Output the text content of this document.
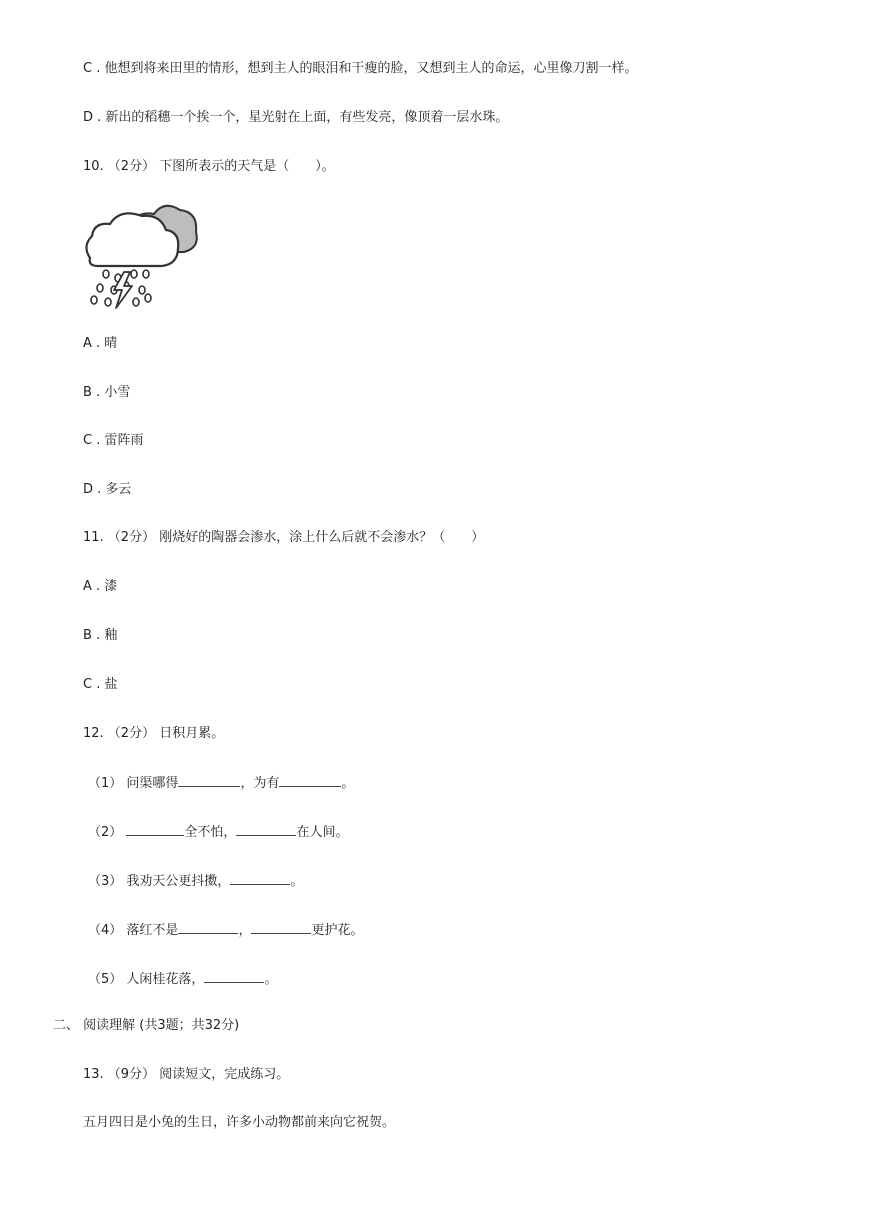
C . 他想到将来田里的情形，想到主人的眼泪和干瘦的脸，又想到主人的命运，心里像刀割一样。
D . 新出的稻穗一个挨一个，星光射在上面，有些发亮，像顶着一层水珠。
10. （2分） 下图所表示的天气是（　　）。
A . 晴
B . 小雪
C . 雷阵雨
D . 多云
11. （2分） 刚烧好的陶器会渗水，涂上什么后就不会渗水？（　　）
A . 漆
B . 釉
C . 盐
12. （2分） 日积月累。
（1） 问渠哪得	，为有	。
（2）	全不怕，	在人间。
（3） 我劝天公更抖擞，	。
（4） 落红不是	，	更护花。
（5） 人闲桂花落，	。
二、 阅读理解 (共3题；共32分)
13. （9分） 阅读短文，完成练习。
五月四日是小兔的生日，许多小动物都前来向它祝贺。
